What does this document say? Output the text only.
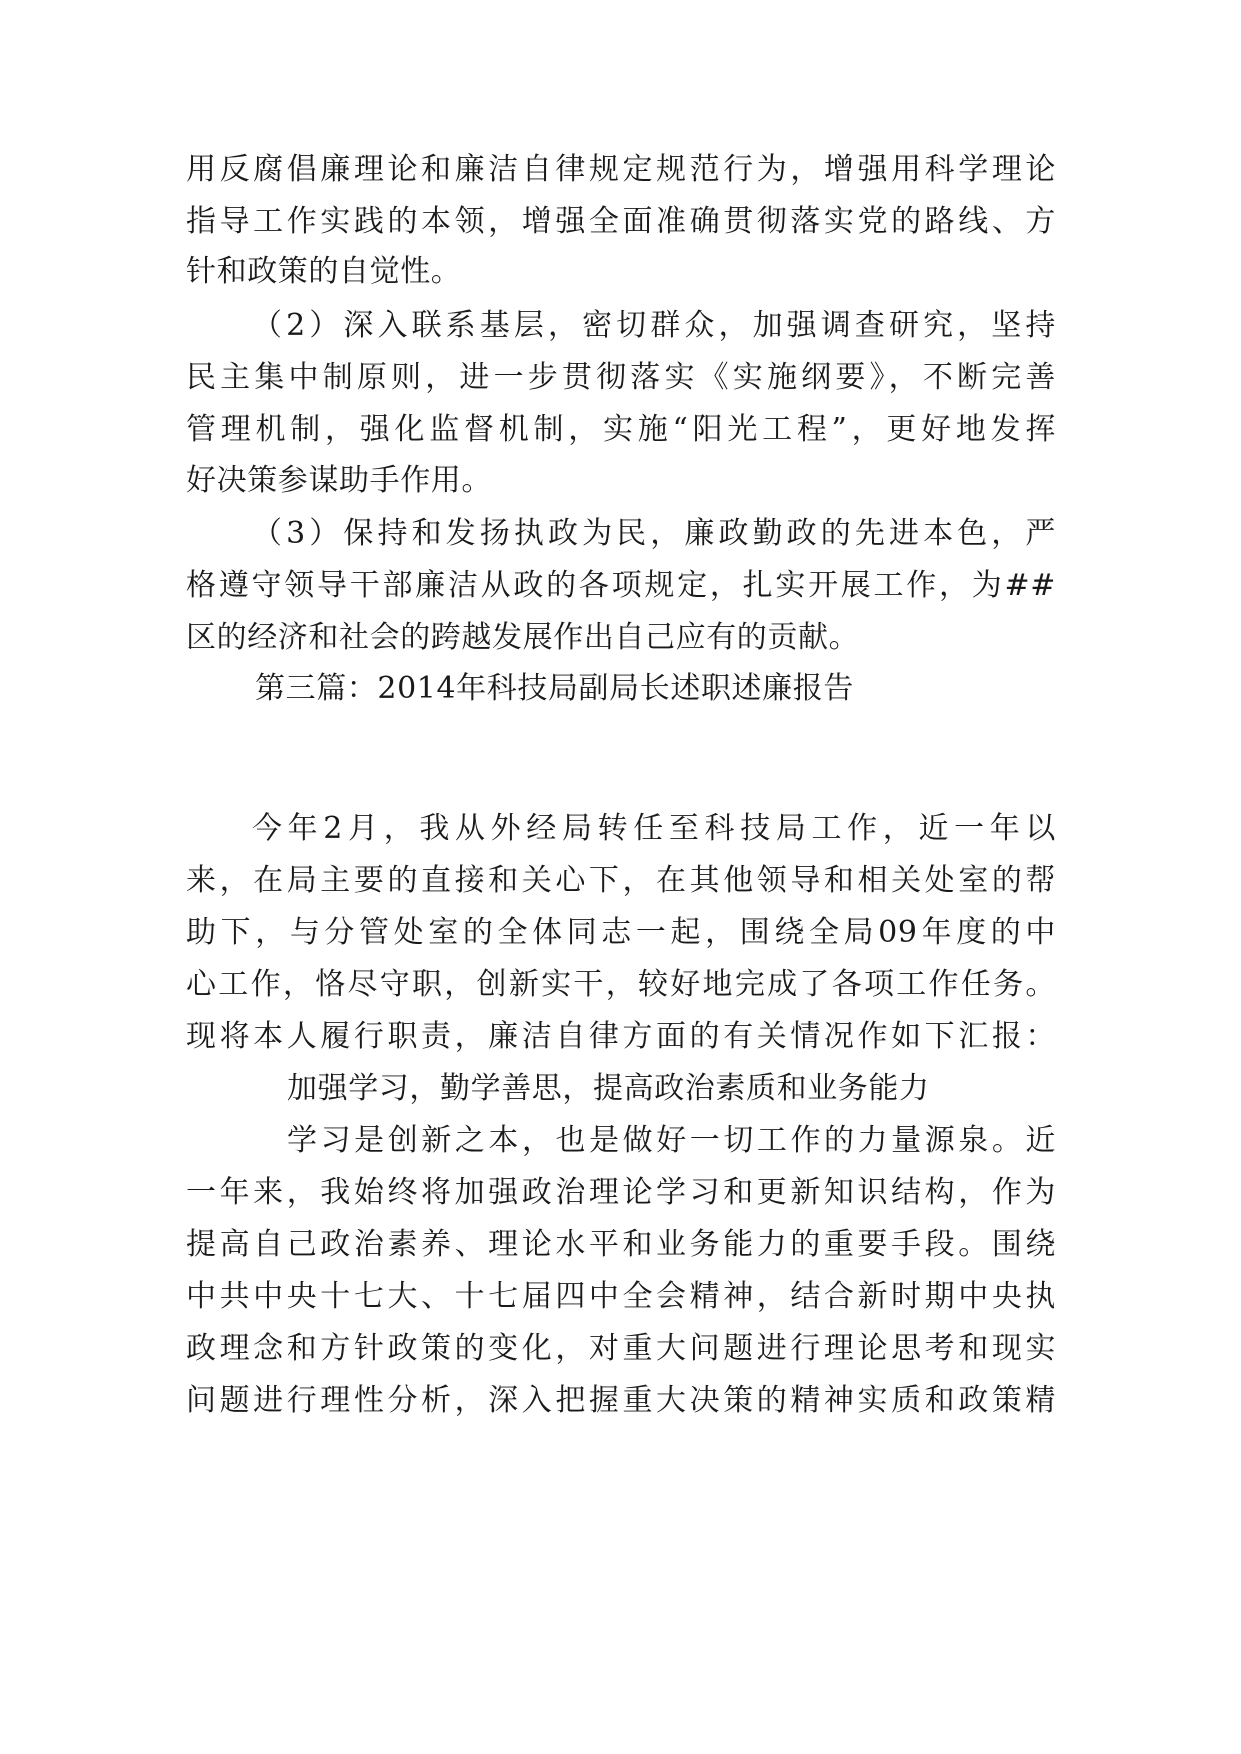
用反腐倡廉理论和廉洁自律规定规范行为，增强用科学理论
指导工作实践的本领，增强全面准确贯彻落实党的路线、方
针和政策的自觉性。
（2）深入联系基层，密切群众，加强调查研究，坚持
民主集中制原则，进一步贯彻落实《实施纲要》，不断完善
管理机制，强化监督机制，实施“阳光工程”，更好地发挥
好决策参谋助手作用。
（3）保持和发扬执政为民，廉政勤政的先进本色，严
格遵守领导干部廉洁从政的各项规定，扎实开展工作，为##
区的经济和社会的跨越发展作出自己应有的贡献。
第三篇：2014年科技局副局长述职述廉报告
今年2月，我从外经局转任至科技局工作，近一年以
来，在局主要的直接和关心下，在其他领导和相关处室的帮
助下，与分管处室的全体同志一起，围绕全局09年度的中
心工作，恪尽守职，创新实干，较好地完成了各项工作任务。
现将本人履行职责，廉洁自律方面的有关情况作如下汇报：
加强学习，勤学善思，提高政治素质和业务能力
学习是创新之本，也是做好一切工作的力量源泉。近
一年来，我始终将加强政治理论学习和更新知识结构，作为
提高自己政治素养、理论水平和业务能力的重要手段。围绕
中共中央十七大、十七届四中全会精神，结合新时期中央执
政理念和方针政策的变化，对重大问题进行理论思考和现实
问题进行理性分析，深入把握重大决策的精神实质和政策精
